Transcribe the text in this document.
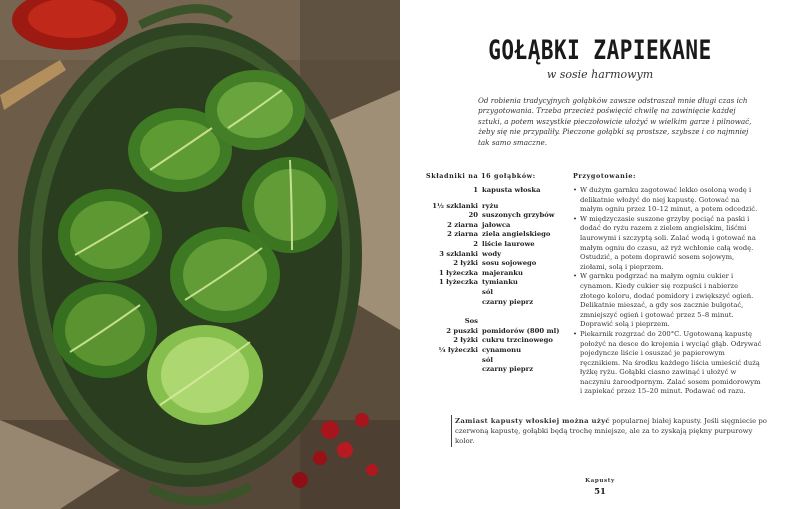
GOŁĄBKI ZAPIEKANE
w sosie harmowym

Od robienia tradycyjnych gołąbków zawsze odstraszał mnie długi czas ich przygotowania. Trzeba przecież poświęcić chwilę na zawinięcie każdej sztuki, a potem wszystkie pieczołowicie ułożyć w wielkim garze i pilnować, żeby się nie przypaliły. Pieczone gołąbki są prostsze, szybsze i co najmniej tak samo smaczne.

Składniki na 16 gołąbków:	Przygotowanie:
1 kapusta włoska
1½ szklanki ryżu
20 suszonych grzybów
2 ziarna jałowca
2 ziarna ziela angielskiego
2 liście laurowe
3 szklanki wody
2 łyżki sosu sojowego
1 łyżeczka majeranku
1 łyżeczka tymianku
sól
czarny pieprz
Sos
2 puszki pomidorów (800 ml)
2 łyżki cukru trzcinowego
¼ łyżeczki cynamonu
sól
czarny pieprz
• W dużym garnku zagotować lekko osoloną wodę i delikatnie włożyć do niej kapustę. Gotować na małym ogniu przez 10–12 minut, a potem odcedzić.
• W międzyczasie suszone grzyby pociąć na paski i dodać do ryżu razem z zielem angielskim, liśćmi laurowymi i szczyptą soli. Zalać wodą i gotować na małym ogniu do czasu, aż ryż wchłonie całą wodę. Ostudzić, a potem doprawić sosem sojowym, ziołami, solą i pieprzem.
• W garnku podgrzać na małym ogniu cukier i cynamon. Kiedy cukier się rozpuści i nabierze złotego koloru, dodać pomidory i zwiększyć ogień. Delikatnie mieszać, a gdy sos zacznie bulgotać, zmniejszyć ogień i gotować przez 5–8 minut. Doprawić solą i pieprzem.
• Piekarnik rozgrzać do 200°C. Ugotowaną kapustę położyć na desce do krojenia i wyciąć głąb. Odrywać pojedyncze liście i osuszać je papierowym ręcznikiem. Na środku każdego liścia umieścić dużą łyżkę ryżu. Gołąbki ciasno zawinąć i ułożyć w naczyniu żaroodpornym. Zalać sosem pomidorowym i zapiekać przez 15–20 minut. Podawać od razu.
Zamiast kapusty włoskiej można użyć popularnej białej kapusty. Jeśli sięgniecie po czerwoną kapustę, gołąbki będą trochę mniejsze, ale za to zyskają piękny purpurowy kolor.
Kapusty
51
